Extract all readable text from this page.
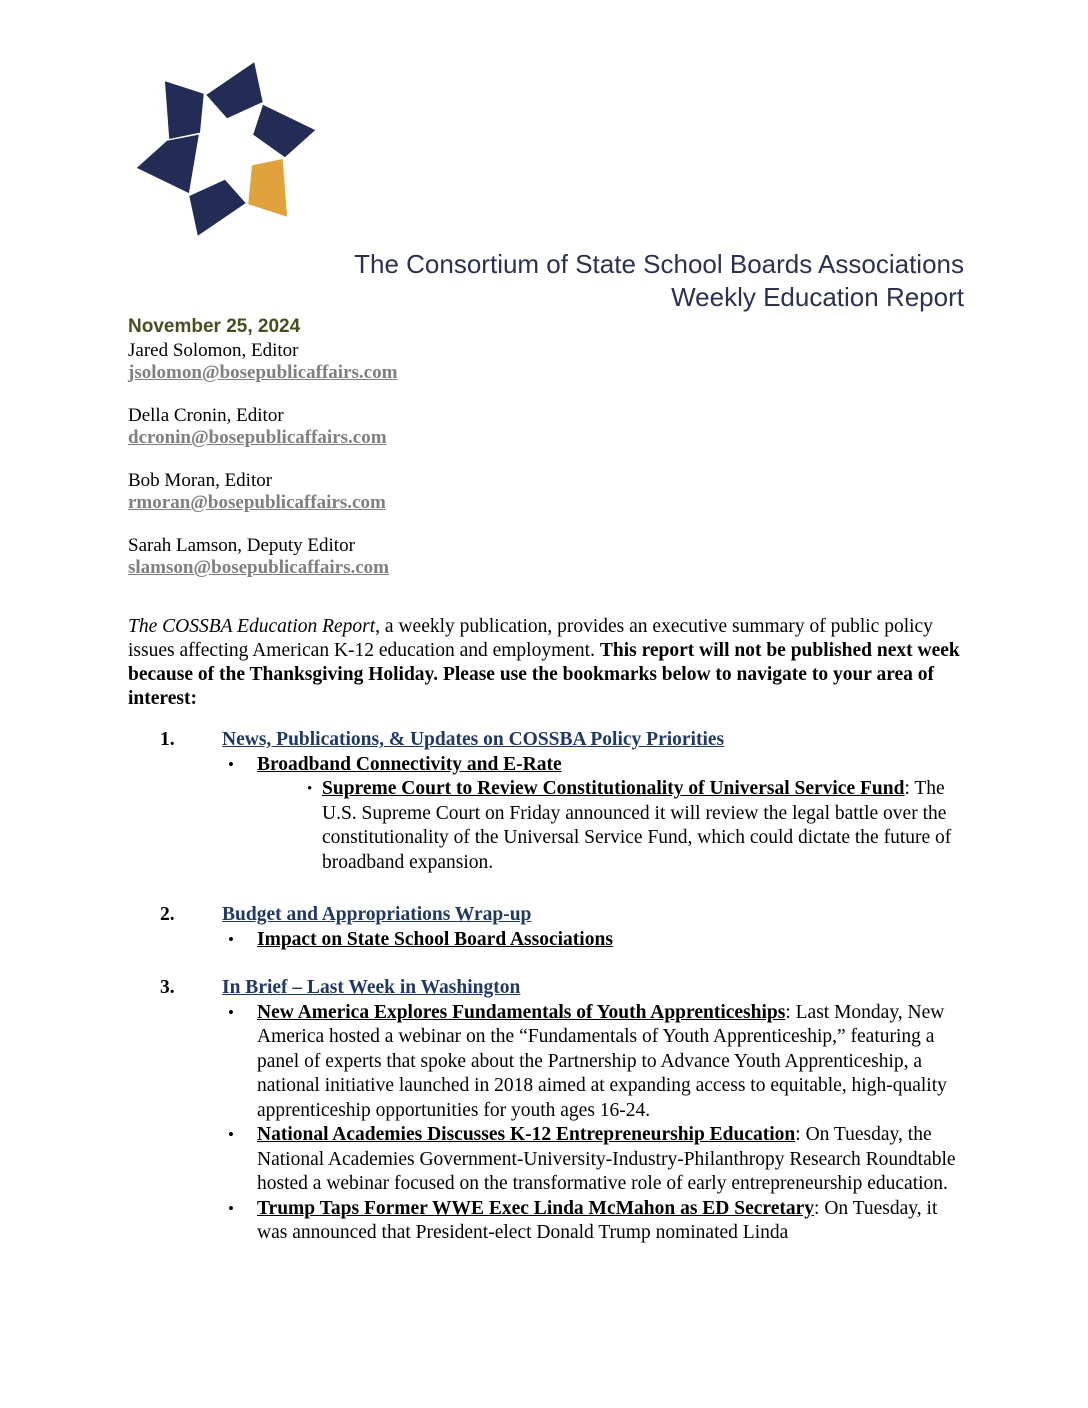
The Consortium of State School Boards Associations
Weekly Education Report
November 25, 2024
Jared Solomon, Editor
jsolomon@bosepublicaffairs.com
Della Cronin, Editor
dcronin@bosepublicaffairs.com
Bob Moran, Editor
rmoran@bosepublicaffairs.com
Sarah Lamson, Deputy Editor
slamson@bosepublicaffairs.com
The COSSBA Education Report, a weekly publication, provides an executive summary of public policy issues affecting American K-12 education and employment. This report will not be published next week because of the Thanksgiving Holiday. Please use the bookmarks below to navigate to your area of interest:
1.	News, Publications, & Updates on COSSBA Policy Priorities
•	Broadband Connectivity and E-Rate
• Supreme Court to Review Constitutionality of Universal Service Fund: The U.S. Supreme Court on Friday announced it will review the legal battle over the constitutionality of the Universal Service Fund, which could dictate the future of broadband expansion.
2.	Budget and Appropriations Wrap-up
•	Impact on State School Board Associations
3.	In Brief – Last Week in Washington
•	New America Explores Fundamentals of Youth Apprenticeships: Last Monday, New America hosted a webinar on the “Fundamentals of Youth Apprenticeship,” featuring a panel of experts that spoke about the Partnership to Advance Youth Apprenticeship, a national initiative launched in 2018 aimed at expanding access to equitable, high-quality apprenticeship opportunities for youth ages 16-24.
•	National Academies Discusses K-12 Entrepreneurship Education: On Tuesday, the National Academies Government-University-Industry-Philanthropy Research Roundtable hosted a webinar focused on the transformative role of early entrepreneurship education.
•	Trump Taps Former WWE Exec Linda McMahon as ED Secretary: On Tuesday, it was announced that President-elect Donald Trump nominated Linda
